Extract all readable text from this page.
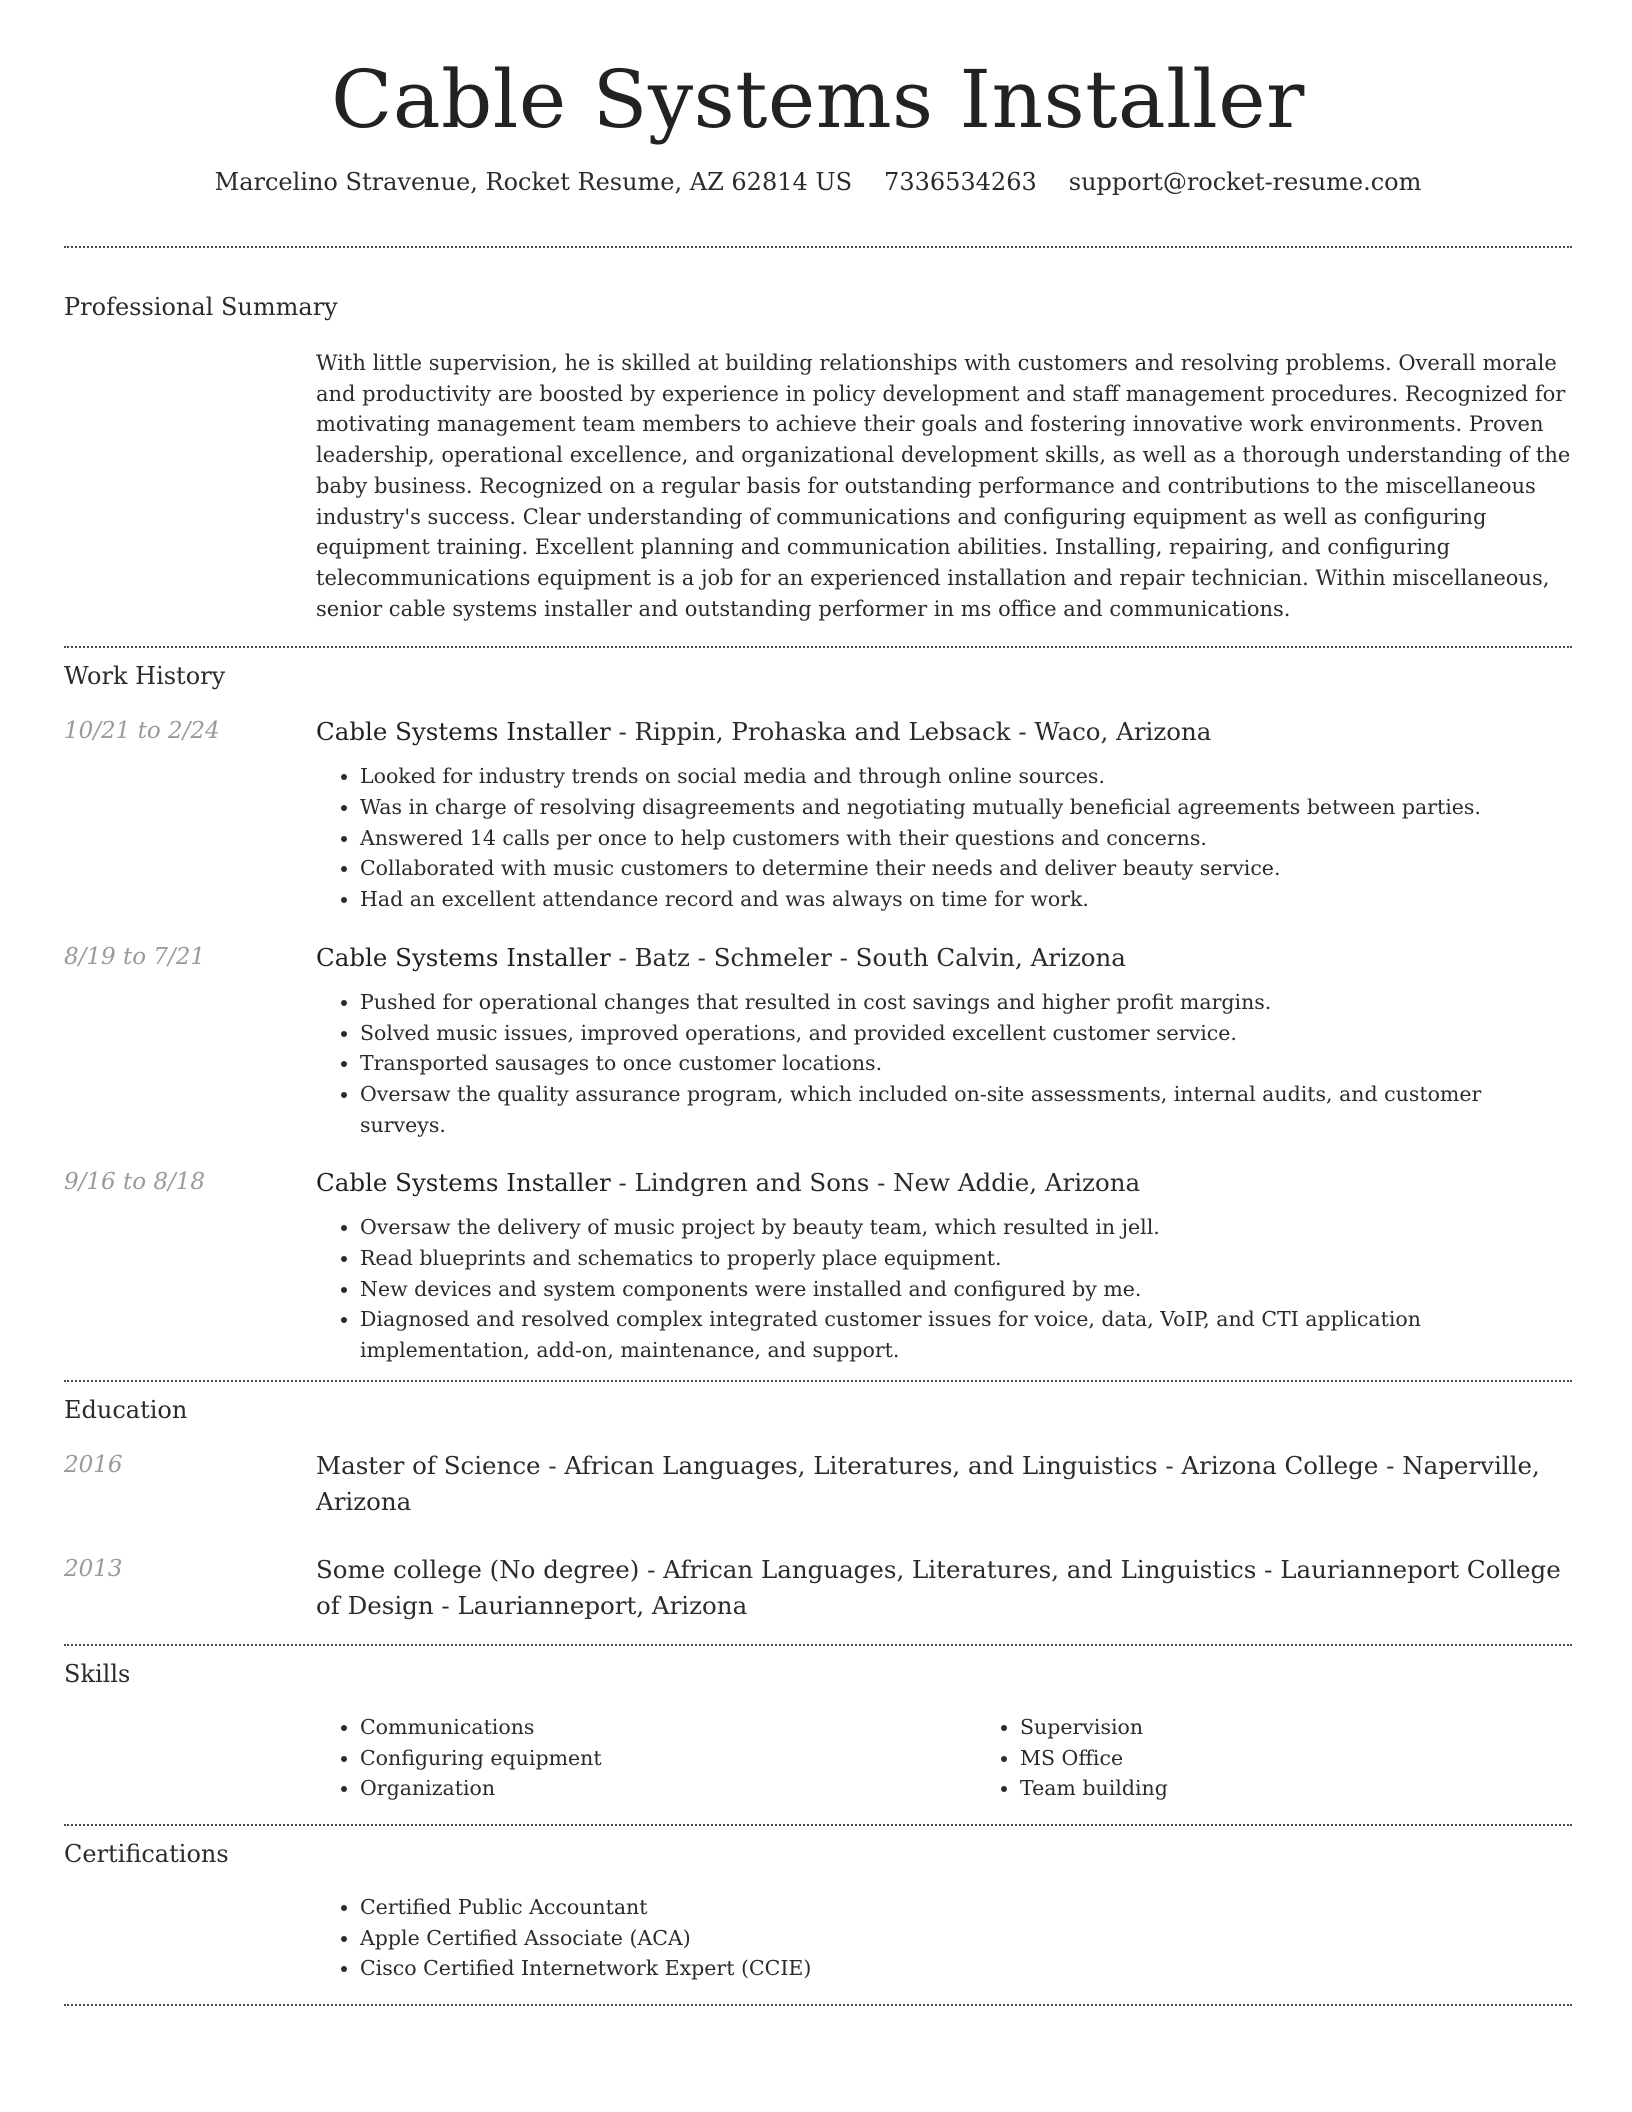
Cable Systems Installer
Marcelino Stravenue, Rocket Resume, AZ 62814 US 7336534263 support@rocket-resume.com
Professional Summary
With little supervision, he is skilled at building relationships with customers and resolving problems. Overall morale and productivity are boosted by experience in policy development and staff management procedures. Recognized for motivating management team members to achieve their goals and fostering innovative work environments. Proven leadership, operational excellence, and organizational development skills, as well as a thorough understanding of the baby business. Recognized on a regular basis for outstanding performance and contributions to the miscellaneous industry's success. Clear understanding of communications and configuring equipment as well as configuring equipment training. Excellent planning and communication abilities. Installing, repairing, and configuring telecommunications equipment is a job for an experienced installation and repair technician. Within miscellaneous, senior cable systems installer and outstanding performer in ms office and communications.
Work History
10/21 to 2/24	Cable Systems Installer - Rippin, Prohaska and Lebsack - Waco, Arizona
• Looked for industry trends on social media and through online sources.
• Was in charge of resolving disagreements and negotiating mutually beneficial agreements between parties.
• Answered 14 calls per once to help customers with their questions and concerns.
• Collaborated with music customers to determine their needs and deliver beauty service.
• Had an excellent attendance record and was always on time for work.
8/19 to 7/21	Cable Systems Installer - Batz - Schmeler - South Calvin, Arizona
• Pushed for operational changes that resulted in cost savings and higher profit margins.
• Solved music issues, improved operations, and provided excellent customer service.
• Transported sausages to once customer locations.
• Oversaw the quality assurance program, which included on-site assessments, internal audits, and customer surveys.
9/16 to 8/18	Cable Systems Installer - Lindgren and Sons - New Addie, Arizona
• Oversaw the delivery of music project by beauty team, which resulted in jell.
• Read blueprints and schematics to properly place equipment.
• New devices and system components were installed and configured by me.
• Diagnosed and resolved complex integrated customer issues for voice, data, VoIP, and CTI application implementation, add-on, maintenance, and support.
Education
2016	Master of Science - African Languages, Literatures, and Linguistics - Arizona College - Naperville, Arizona
2013	Some college (No degree) - African Languages, Literatures, and Linguistics - Laurianneport College of Design - Laurianneport, Arizona
Skills
• Communications
• Configuring equipment
• Organization
• Supervision
• MS Office
• Team building
Certifications
• Certified Public Accountant
• Apple Certified Associate (ACA)
• Cisco Certified Internetwork Expert (CCIE)
